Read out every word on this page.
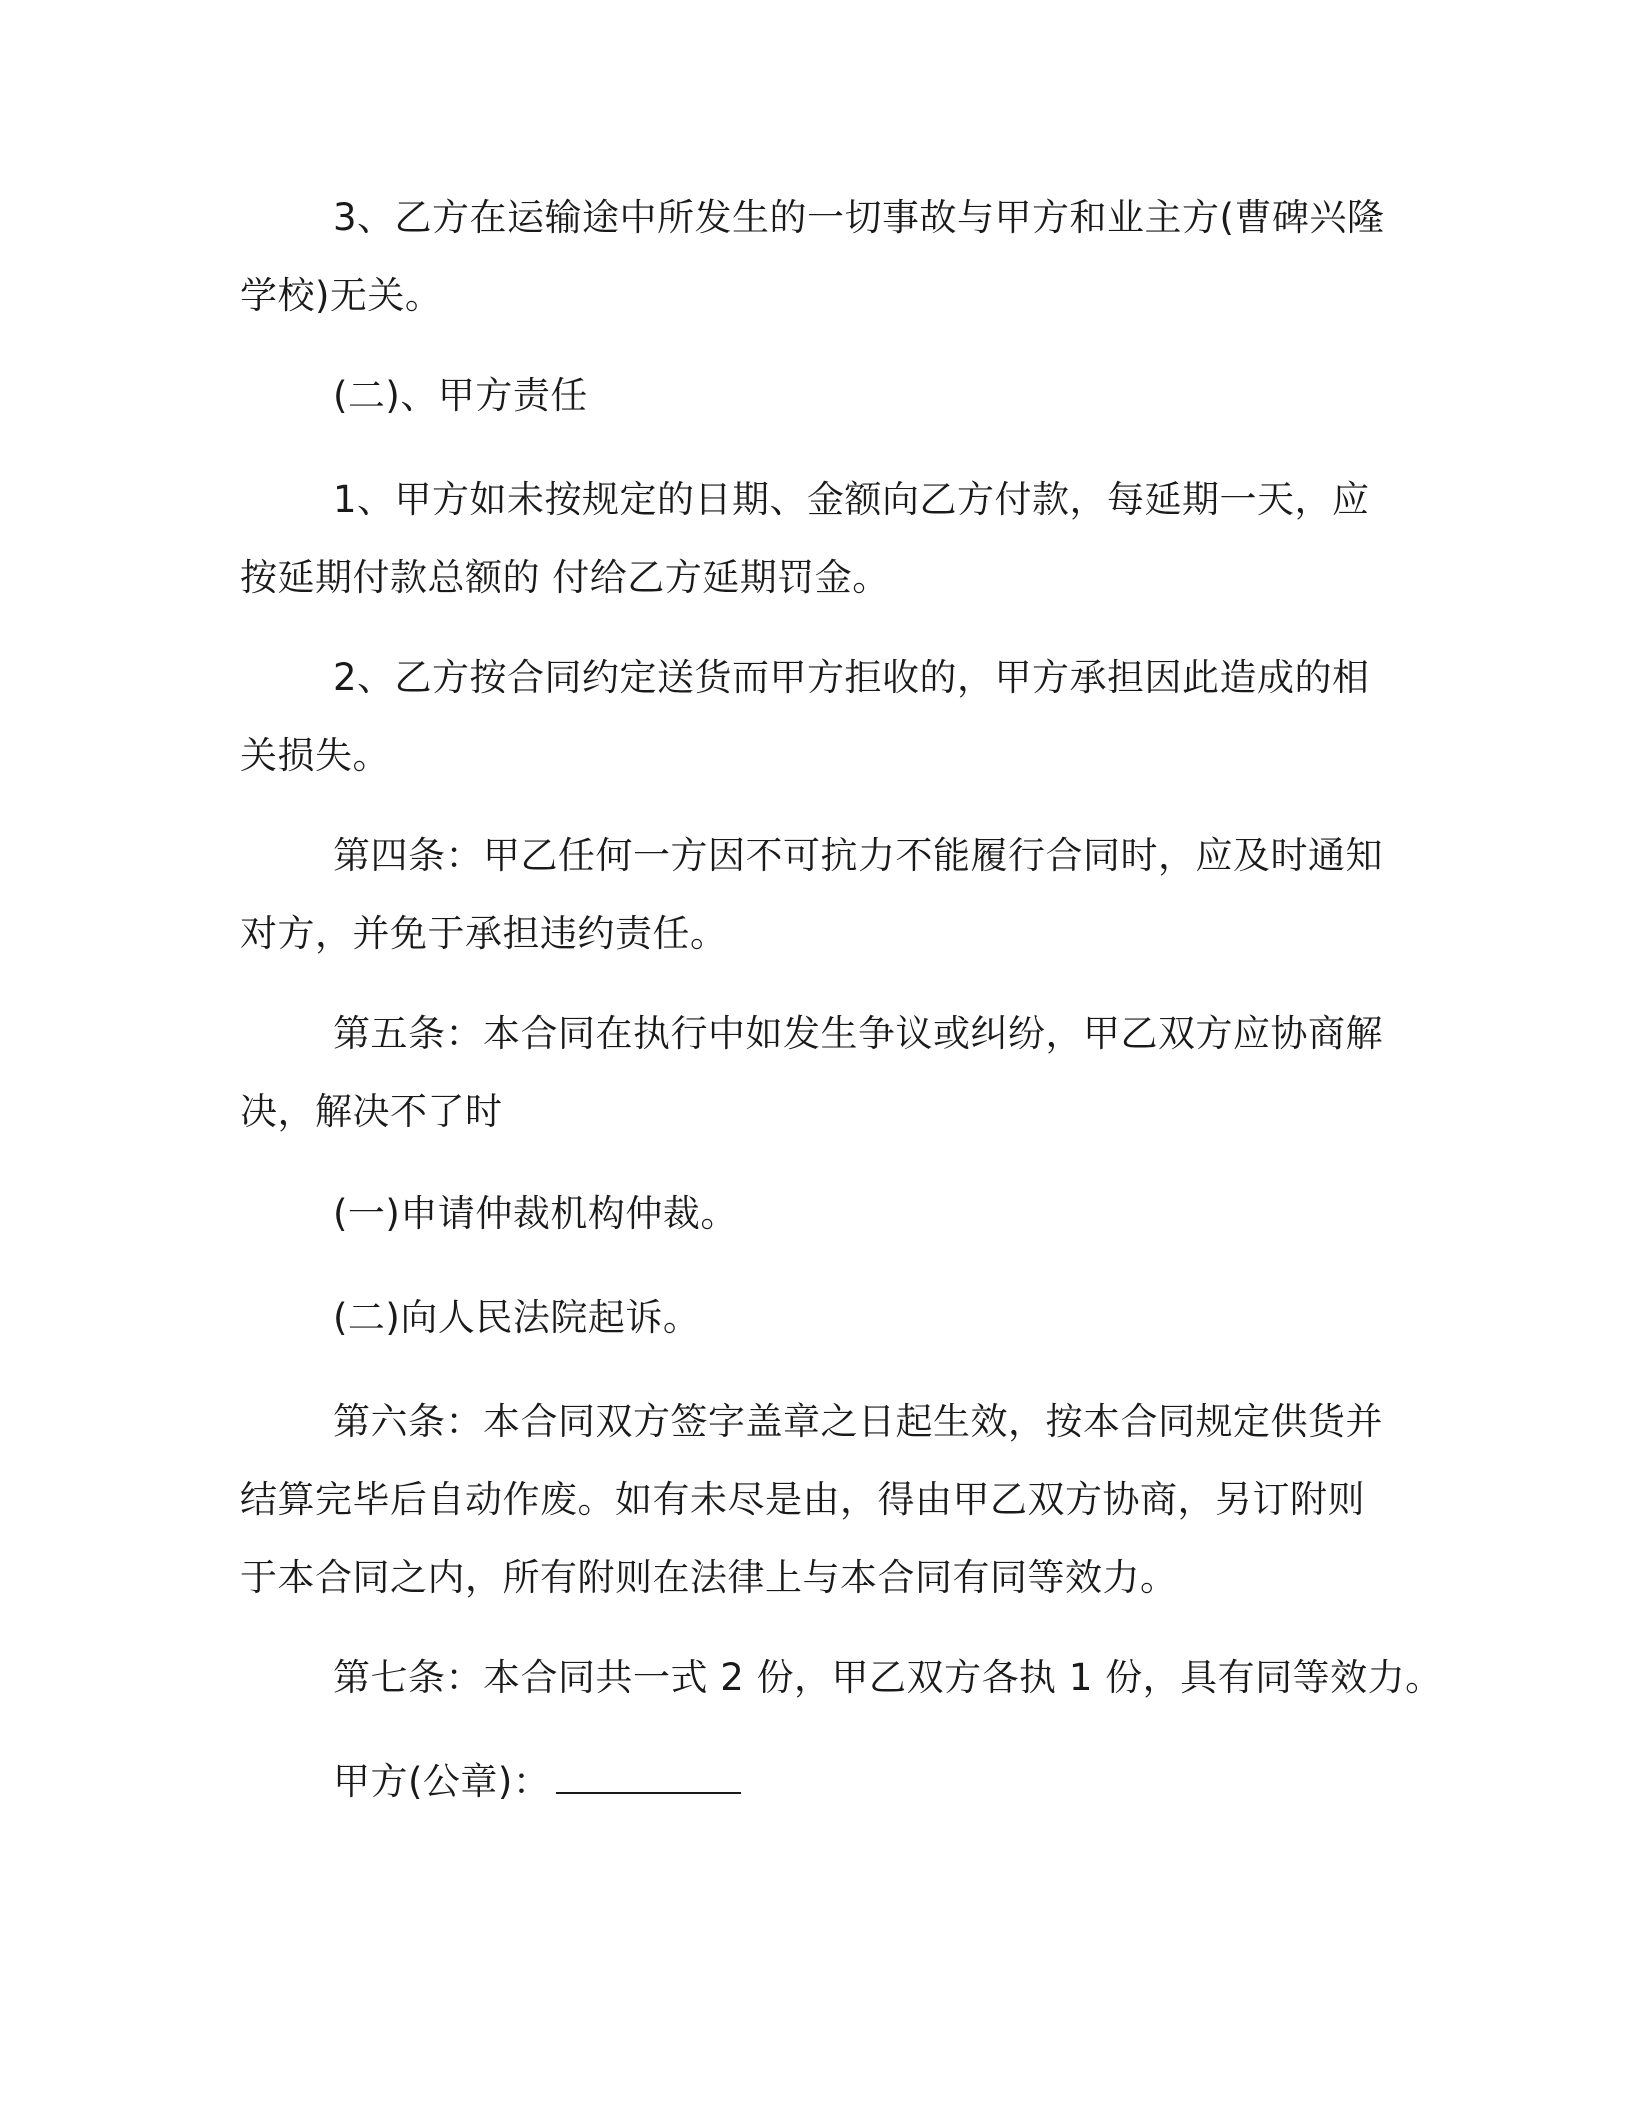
3、乙方在运输途中所发生的一切事故与甲方和业主方(曹碑兴隆
学校)无关。
(二)、甲方责任
1、甲方如未按规定的日期、金额向乙方付款，每延期一天，应
按延期付款总额的 付给乙方延期罚金。
2、乙方按合同约定送货而甲方拒收的，甲方承担因此造成的相
关损失。
第四条：甲乙任何一方因不可抗力不能履行合同时，应及时通知
对方，并免于承担违约责任。
第五条：本合同在执行中如发生争议或纠纷，甲乙双方应协商解
决，解决不了时
(一)申请仲裁机构仲裁。
(二)向人民法院起诉。
第六条：本合同双方签字盖章之日起生效，按本合同规定供货并
结算完毕后自动作废。如有未尽是由，得由甲乙双方协商，另订附则
于本合同之内，所有附则在法律上与本合同有同等效力。
第七条：本合同共一式 2 份，甲乙双方各执 1 份，具有同等效力。
甲方(公章)：
